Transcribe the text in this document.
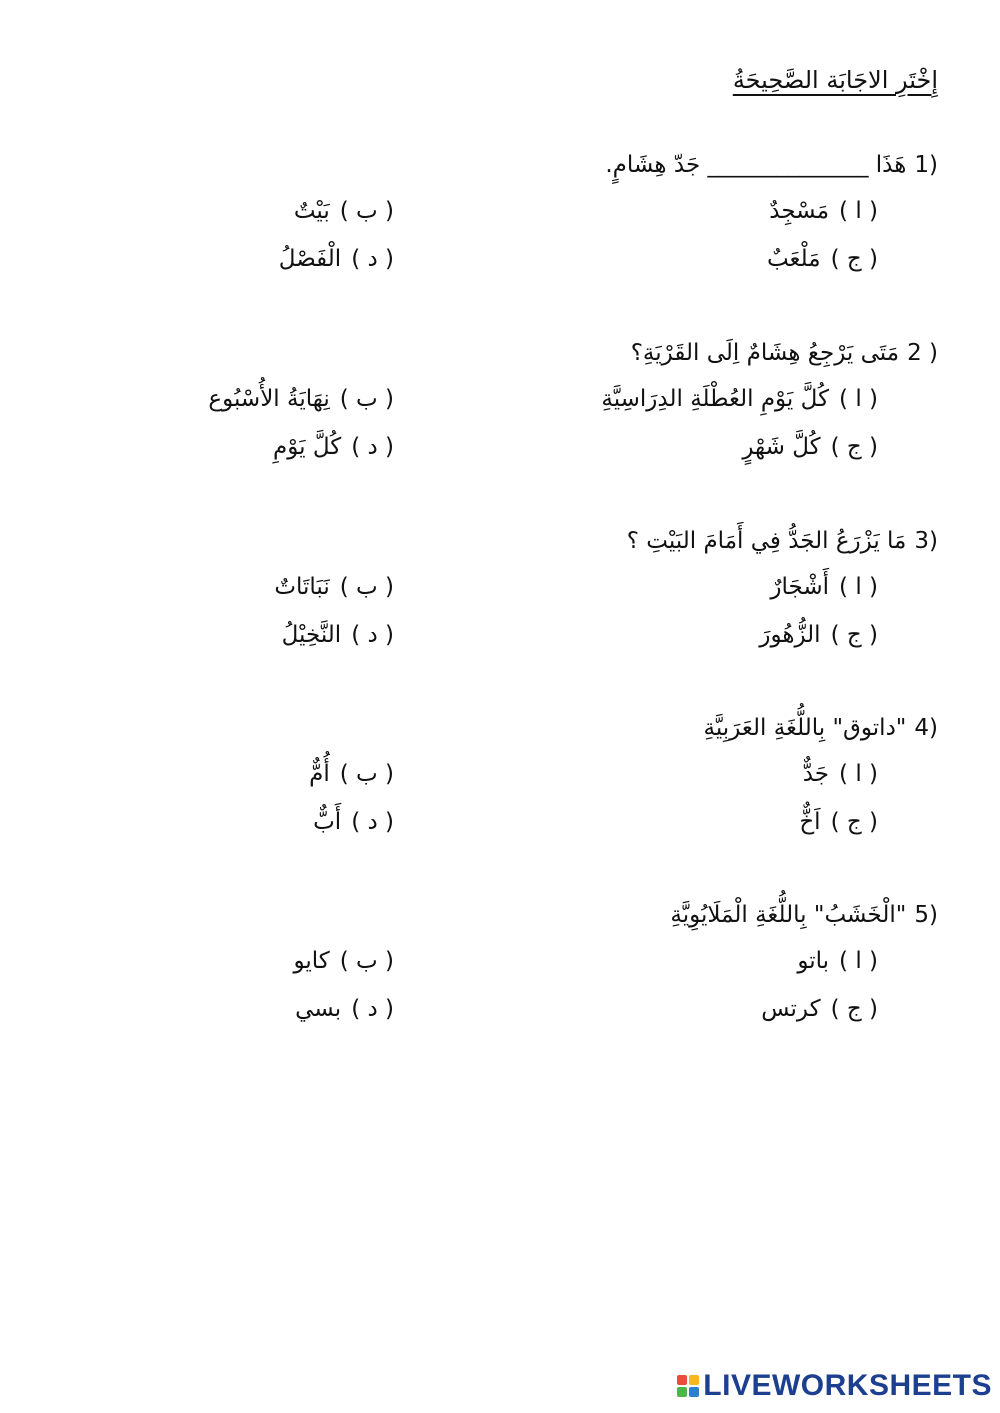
إِخْتَرِ الاجَابَة الصَّحِيحَةُ
هَذَا ______________ جَدّ هِشَامٍ. 1)
( ا )
مَسْجِدٌ
( ب )
بَيْتٌ
( ج )
مَلْعَبٌ
( د )
الْفَصْلُ
مَتَى يَرْجِعُ هِشَامٌ اِلَى القَرْيَةِ؟ 2 )
( ا )
كُلَّ يَوْمِ العُطْلَةِ الدِرَاسِيَّةِ
( ب )
نِهَايَةُ الأُسْبُوع
( ج )
كُلَّ شَهْرٍ
( د )
كُلَّ يَوْمِ
مَا يَزْرَعُ الجَدُّ فِي أَمَامَ البَيْتِ ؟ 3)
( ا )
أَشْجَارٌ
( ب )
نَبَاتَاتٌ
( ج )
الزُّهُورَ
( د )
النَّخِيْلُ
"داتوق" بِاللُّغَةِ العَرَبِيَّةِ 4)
( ا )
جَدٌّ
( ب )
أُمٌّ
( ج )
اَخٌّ
( د )
أَبٌّ
"الْخَشَبُ" بِاللُّغَةِ الْمَلَايُوِيَّةِ 5)
( ا )
باتو
( ب )
كايو
( ج )
كرتس
( د )
بسي
LIVEWORKSHEETS
